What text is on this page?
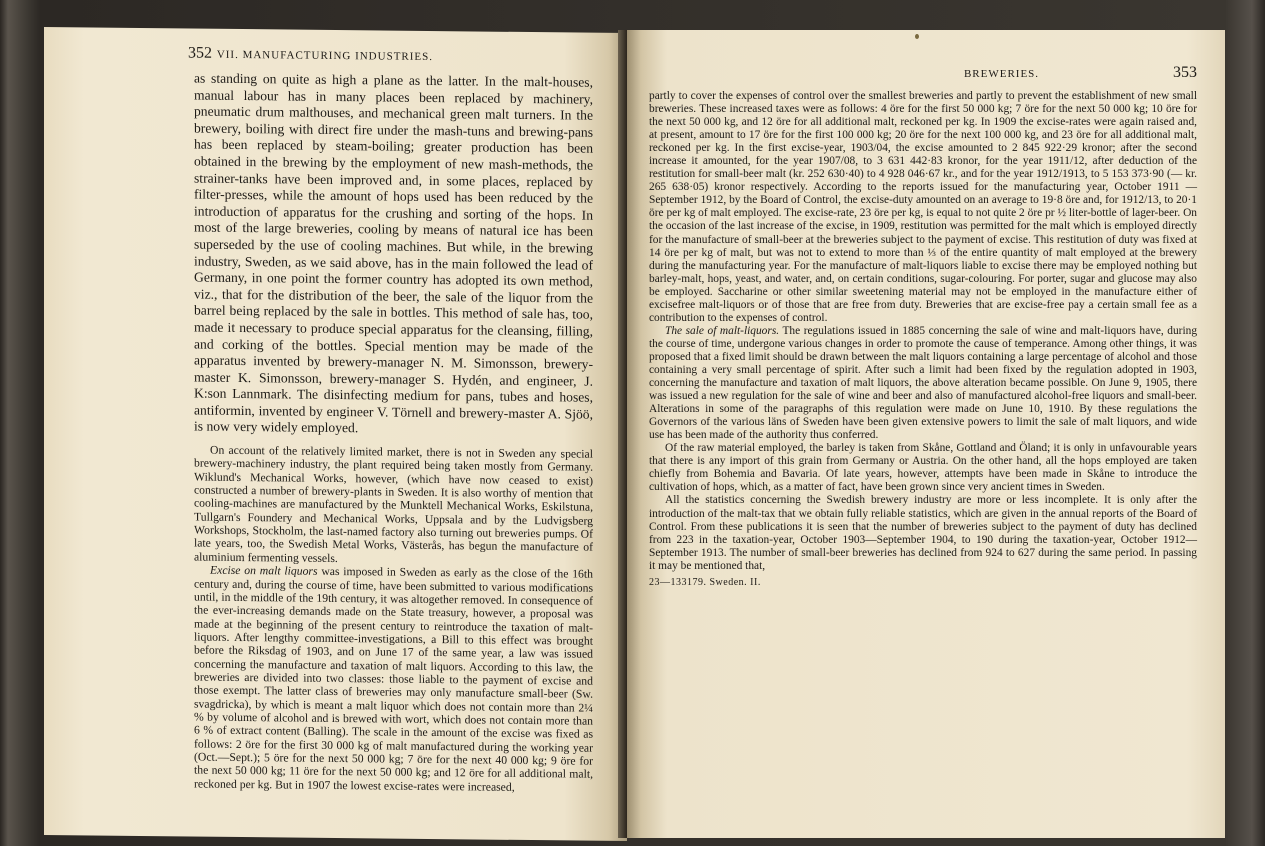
352 VII. MANUFACTURING INDUSTRIES.

as standing on quite as high a plane as the latter. In the malt-houses, manual labour has in many places been replaced by machinery, pneumatic drum malthouses, and mechanical green malt turners. In the brewery, boiling with direct fire under the mash-tuns and brewing-pans has been replaced by steam-boiling; greater production has been obtained in the brewing by the employment of new mash-methods, the strainer-tanks have been improved and, in some places, replaced by filter-presses, while the amount of hops used has been reduced by the introduction of apparatus for the crushing and sorting of the hops. In most of the large breweries, cooling by means of natural ice has been superseded by the use of cooling machines. But while, in the brewing industry, Sweden, as we said above, has in the main followed the lead of Germany, in one point the former country has adopted its own method, viz., that for the distribution of the beer, the sale of the liquor from the barrel being replaced by the sale in bottles. This method of sale has, too, made it necessary to produce special apparatus for the cleansing, filling, and corking of the bottles. Special mention may be made of the apparatus invented by brewery-manager N. M. Simonsson, brewery-master K. Simonsson, brewery-manager S. Hydén, and engineer, J. K:son Lannmark. The disinfecting medium for pans, tubes and hoses, antiformin, invented by engineer V. Törnell and brewery-master A. Sjöö, is now very widely employed.

On account of the relatively limited market, there is not in Sweden any special brewery-machinery industry, the plant required being taken mostly from Germany. Wiklund's Mechanical Works, however, (which have now ceased to exist) constructed a number of brewery-plants in Sweden. It is also worthy of mention that cooling-machines are manufactured by the Munktell Mechanical Works, Eskilstuna, Tullgarn's Foundery and Mechanical Works, Uppsala and by the Ludvigsberg Workshops, Stockholm, the last-named factory also turning out breweries pumps. Of late years, too, the Swedish Metal Works, Västerås, has begun the manufacture of aluminium fermenting vessels.

Excise on malt liquors was imposed in Sweden as early as the close of the 16th century and, during the course of time, have been submitted to various modifications until, in the middle of the 19th century, it was altogether removed. In consequence of the ever-increasing demands made on the State treasury, however, a proposal was made at the beginning of the present century to reintroduce the taxation of malt-liquors. After lengthy committee-investigations, a Bill to this effect was brought before the Riksdag of 1903, and on June 17 of the same year, a law was issued concerning the manufacture and taxation of malt liquors. According to this law, the breweries are divided into two classes: those liable to the payment of excise and those exempt. The latter class of breweries may only manufacture small-beer (Sw. svagdricka), by which is meant a malt liquor which does not contain more than 2¼ % by volume of alcohol and is brewed with wort, which does not contain more than 6 % of extract content (Balling). The scale in the amount of the excise was fixed as follows: 2 öre for the first 30 000 kg of malt manufactured during the working year (Oct.—Sept.); 5 öre for the next 50 000 kg; 7 öre for the next 40 000 kg; 9 öre for the next 50 000 kg; 11 öre for the next 50 000 kg; and 12 öre for all additional malt, reckoned per kg. But in 1907 the lowest excise-rates were increased,

BREWERIES.	353

partly to cover the expenses of control over the smallest breweries and partly to prevent the establishment of new small breweries. These increased taxes were as follows: 4 öre for the first 50 000 kg; 7 öre for the next 50 000 kg; 10 öre for the next 50 000 kg, and 12 öre for all additional malt, reckoned per kg. In 1909 the excise-rates were again raised and, at present, amount to 17 öre for the first 100 000 kg; 20 öre for the next 100 000 kg, and 23 öre for all additional malt, reckoned per kg. In the first excise-year, 1903/04, the excise amounted to 2 845 922·29 kronor; after the second increase it amounted, for the year 1907/08, to 3 631 442·83 kronor, for the year 1911/12, after deduction of the restitution for small-beer malt (kr. 252 630·40) to 4 928 046·67 kr., and for the year 1912/1913, to 5 153 373·90 (— kr. 265 638·05) kronor respectively. According to the reports issued for the manufacturing year, October 1911 —September 1912, by the Board of Control, the excise-duty amounted on an average to 19·8 öre and, for 1912/13, to 20·1 öre per kg of malt employed. The excise-rate, 23 öre per kg, is equal to not quite 2 öre pr ½ liter-bottle of lager-beer. On the occasion of the last increase of the excise, in 1909, restitution was permitted for the malt which is employed directly for the manufacture of small-beer at the breweries subject to the payment of excise. This restitution of duty was fixed at 14 öre per kg of malt, but was not to extend to more than ⅓ of the entire quantity of malt employed at the brewery during the manufacturing year. For the manufacture of malt-liquors liable to excise there may be employed nothing but barley-malt, hops, yeast, and water, and, on certain conditions, sugar-colouring. For porter, sugar and glucose may also be employed. Saccharine or other similar sweetening material may not be employed in the manufacture either of excisefree malt-liquors or of those that are free from duty. Breweries that are excise-free pay a certain small fee as a contribution to the expenses of control.

The sale of malt-liquors. The regulations issued in 1885 concerning the sale of wine and malt-liquors have, during the course of time, undergone various changes in order to promote the cause of temperance. Among other things, it was proposed that a fixed limit should be drawn between the malt liquors containing a large percentage of alcohol and those containing a very small percentage of spirit. After such a limit had been fixed by the regulation adopted in 1903, concerning the manufacture and taxation of malt liquors, the above alteration became possible. On June 9, 1905, there was issued a new regulation for the sale of wine and beer and also of manufactured alcohol-free liquors and small-beer. Alterations in some of the paragraphs of this regulation were made on June 10, 1910. By these regulations the Governors of the various läns of Sweden have been given extensive powers to limit the sale of malt liquors, and wide use has been made of the authority thus conferred.

Of the raw material employed, the barley is taken from Skåne, Gottland and Öland; it is only in unfavourable years that there is any import of this grain from Germany or Austria. On the other hand, all the hops employed are taken chiefly from Bohemia and Bavaria. Of late years, however, attempts have been made in Skåne to introduce the cultivation of hops, which, as a matter of fact, have been grown since very ancient times in Sweden.

All the statistics concerning the Swedish brewery industry are more or less incomplete. It is only after the introduction of the malt-tax that we obtain fully reliable statistics, which are given in the annual reports of the Board of Control. From these publications it is seen that the number of breweries subject to the payment of duty has declined from 223 in the taxation-year, October 1903—September 1904, to 190 during the taxation-year, October 1912—September 1913. The number of small-beer breweries has declined from 924 to 627 during the same period. In passing it may be mentioned that,

23—133179. Sweden. II.
